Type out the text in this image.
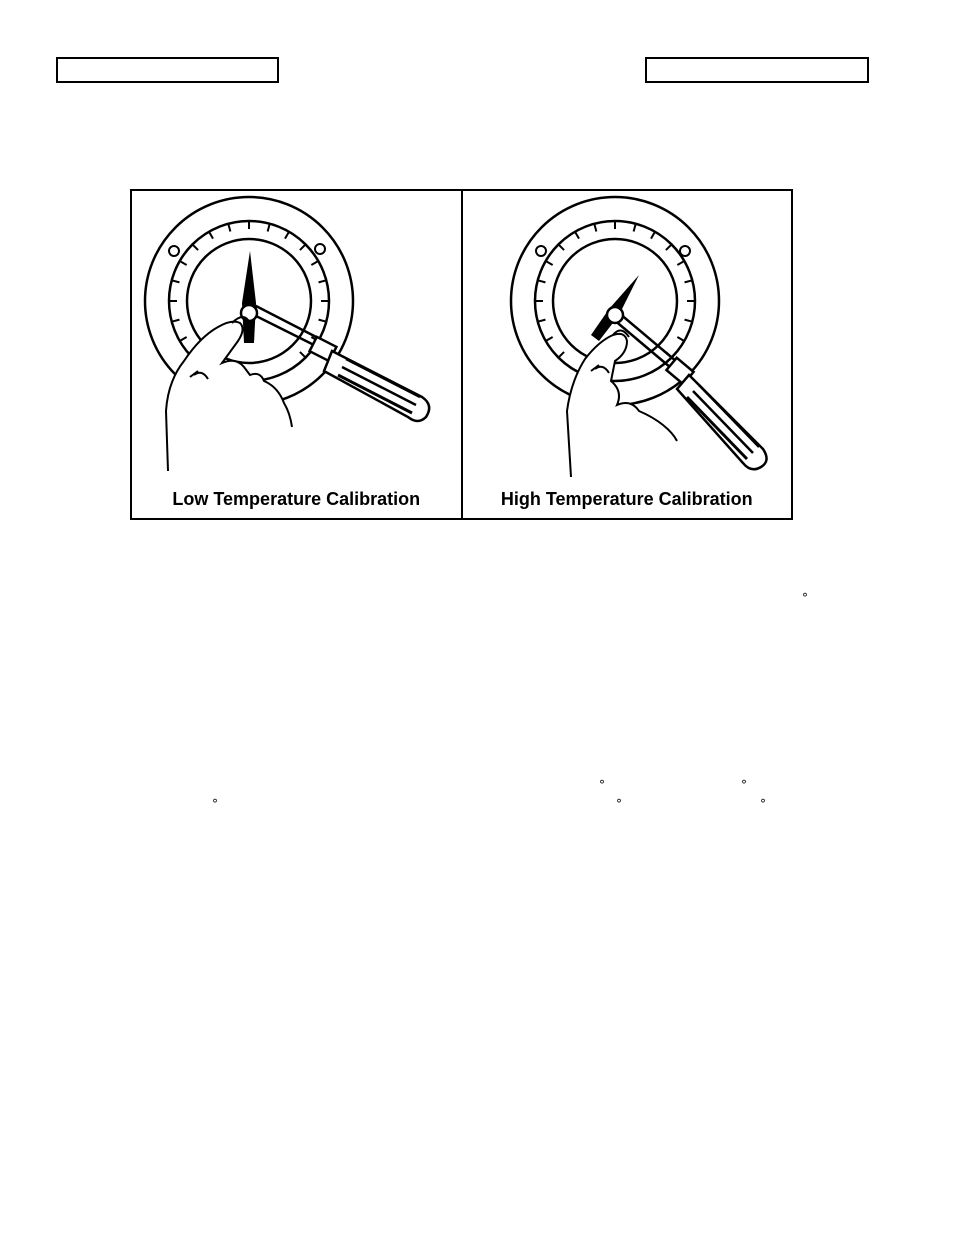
Low Temperature Calibration	High Temperature Calibration
°
°	°
°	°	°
